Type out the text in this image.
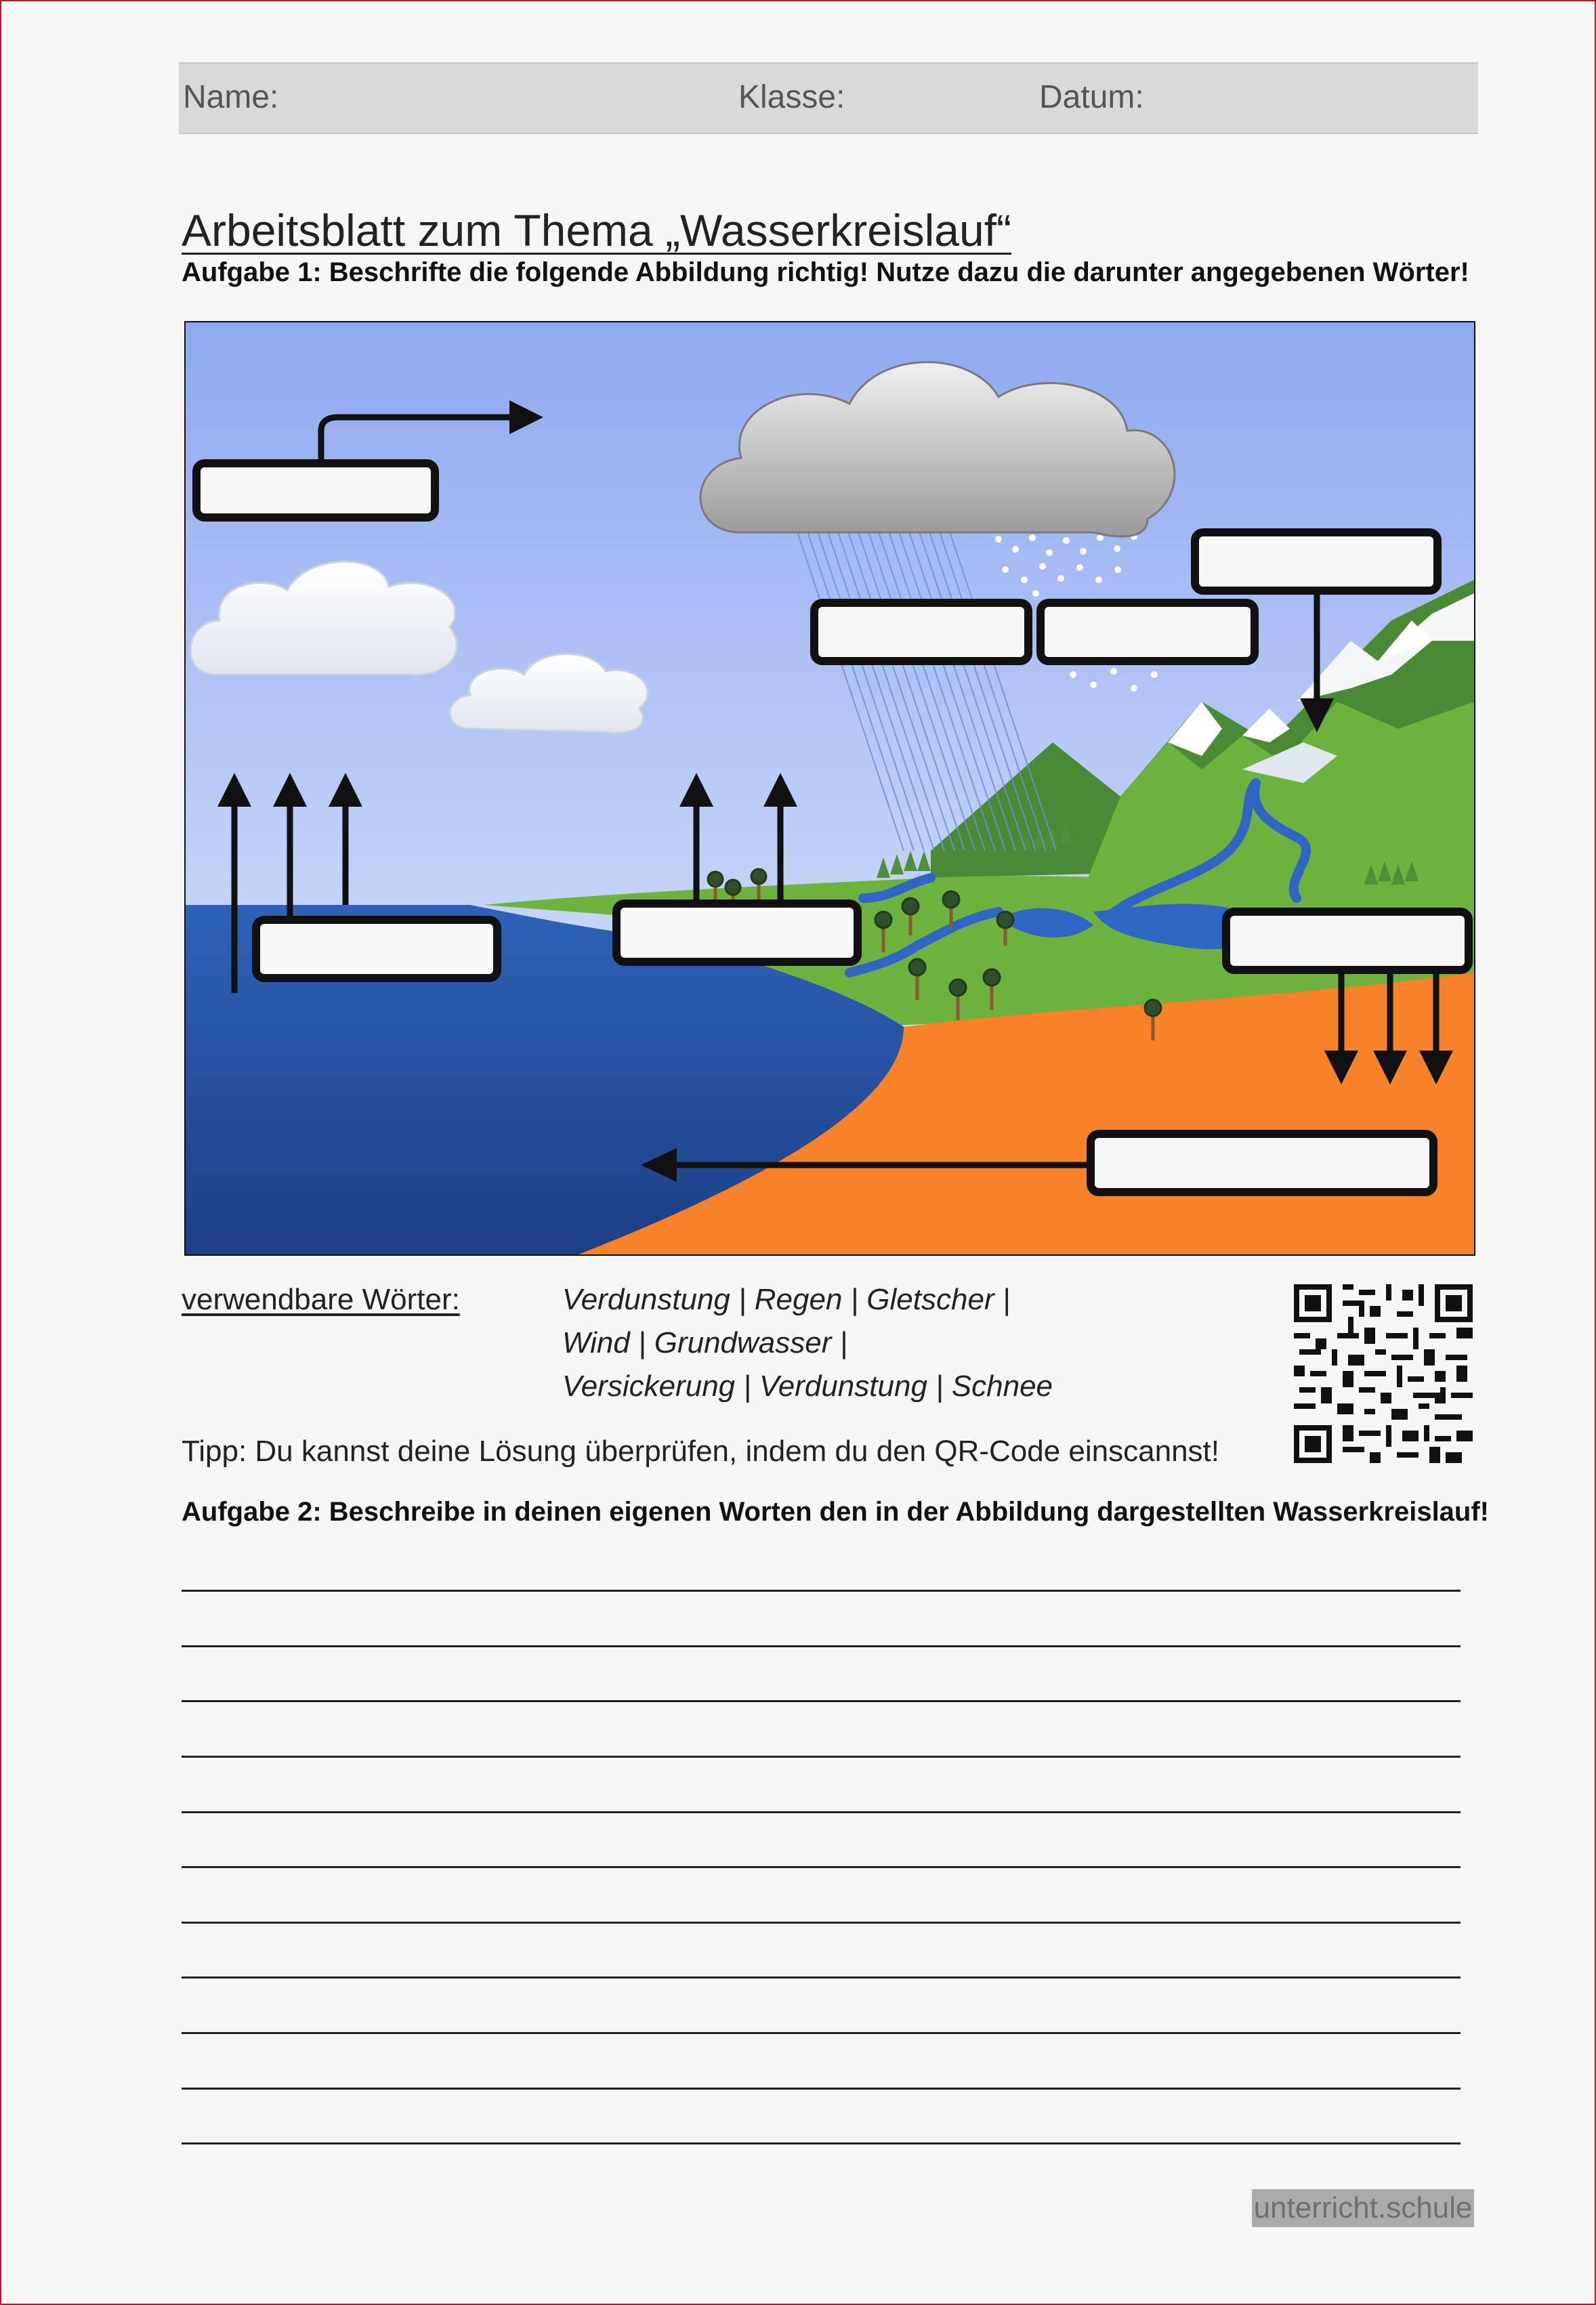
Name:	Klasse:	Datum:
Arbeitsblatt zum Thema „Wasserkreislauf“
Aufgabe 1: Beschrifte die folgende Abbildung richtig! Nutze dazu die darunter angegebenen Wörter!
verwendbare Wörter:	Verdunstung | Regen | Gletscher |
Wind | Grundwasser |
Versickerung | Verdunstung | Schnee
Tipp: Du kannst deine Lösung überprüfen, indem du den QR-Code einscannst!
Aufgabe 2: Beschreibe in deinen eigenen Worten den in der Abbildung dargestellten Wasserkreislauf!
unterricht.schule
